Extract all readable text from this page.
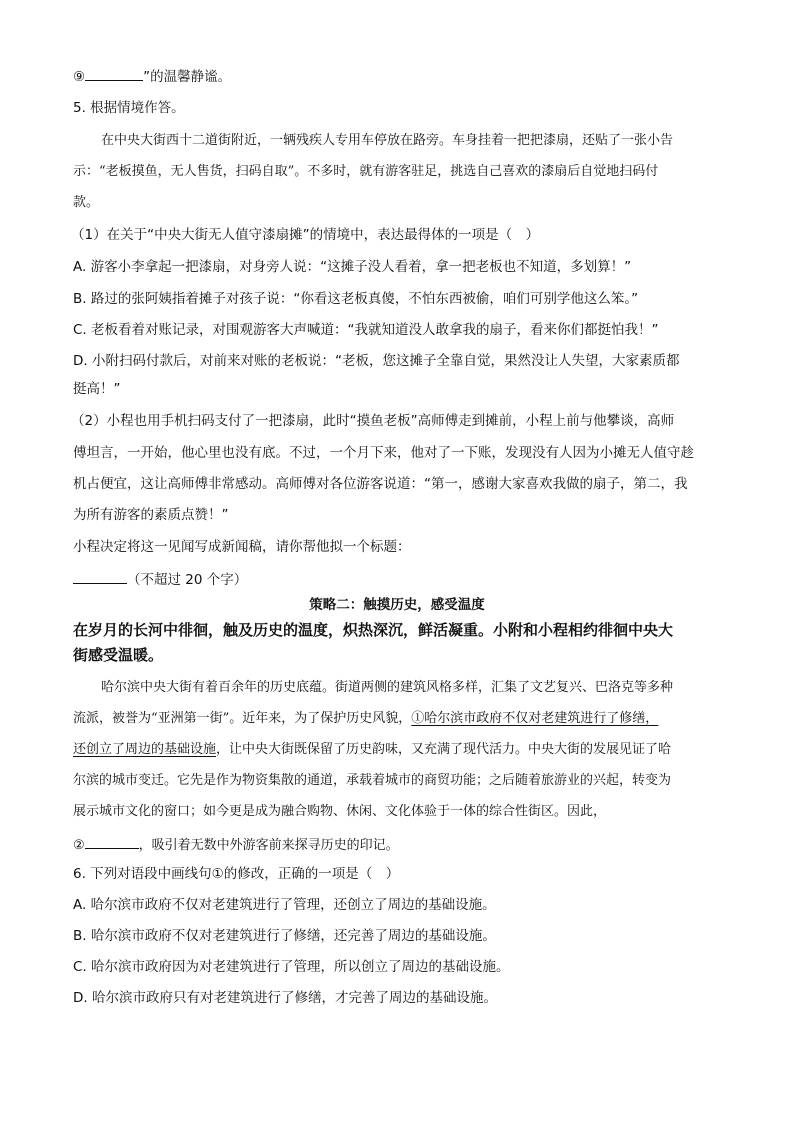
⑨	”的温馨静谧。
5. 根据情境作答。
在中央大街西十二道街附近，一辆残疾人专用车停放在路旁。车身挂着一把把漆扇，还贴了一张小告
示：“老板摸鱼，无人售货，扫码自取”。不多时，就有游客驻足，挑选自己喜欢的漆扇后自觉地扫码付
款。
（1）在关于“中央大街无人值守漆扇摊”的情境中，表达最得体的一项是（　）
A. 游客小李拿起一把漆扇，对身旁人说：“这摊子没人看着，拿一把老板也不知道，多划算！”
B. 路过的张阿姨指着摊子对孩子说：“你看这老板真傻，不怕东西被偷，咱们可别学他这么笨。”
C. 老板看着对账记录，对围观游客大声喊道：“我就知道没人敢拿我的扇子，看来你们都挺怕我！”
D. 小附扫码付款后，对前来对账的老板说：“老板，您这摊子全靠自觉，果然没让人失望，大家素质都
挺高！”
（2）小程也用手机扫码支付了一把漆扇，此时“摸鱼老板”高师傅走到摊前，小程上前与他攀谈，高师
傅坦言，一开始，他心里也没有底。不过，一个月下来，他对了一下账，发现没有人因为小摊无人值守趁
机占便宜，这让高师傅非常感动。高师傅对各位游客说道：“第一，感谢大家喜欢我做的扇子，第二，我
为所有游客的素质点赞！”
小程决定将这一见闻写成新闻稿，请你帮他拟一个标题：
（不超过 20 个字）
策略二：触摸历史，感受温度
在岁月的长河中徘徊，触及历史的温度，炽热深沉，鲜活凝重。小附和小程相约徘徊中央大
街感受温暖。
哈尔滨中央大街有着百余年的历史底蕴。街道两侧的建筑风格多样，汇集了文艺复兴、巴洛克等多种
流派，被誉为“亚洲第一街”。近年来，为了保护历史风貌，①哈尔滨市政府不仅对老建筑进行了修缮，
还创立了周边的基础设施，让中央大街既保留了历史韵味，又充满了现代活力。中央大街的发展见证了哈
尔滨的城市变迁。它先是作为物资集散的通道，承载着城市的商贸功能；之后随着旅游业的兴起，转变为
展示城市文化的窗口；如今更是成为融合购物、休闲、文化体验于一体的综合性街区。因此，
②	，吸引着无数中外游客前来探寻历史的印记。
6. 下列对语段中画线句①的修改，正确的一项是（　）
A. 哈尔滨市政府不仅对老建筑进行了管理，还创立了周边的基础设施。
B. 哈尔滨市政府不仅对老建筑进行了修缮，还完善了周边的基础设施。
C. 哈尔滨市政府因为对老建筑进行了管理，所以创立了周边的基础设施。
D. 哈尔滨市政府只有对老建筑进行了修缮，才完善了周边的基础设施。
